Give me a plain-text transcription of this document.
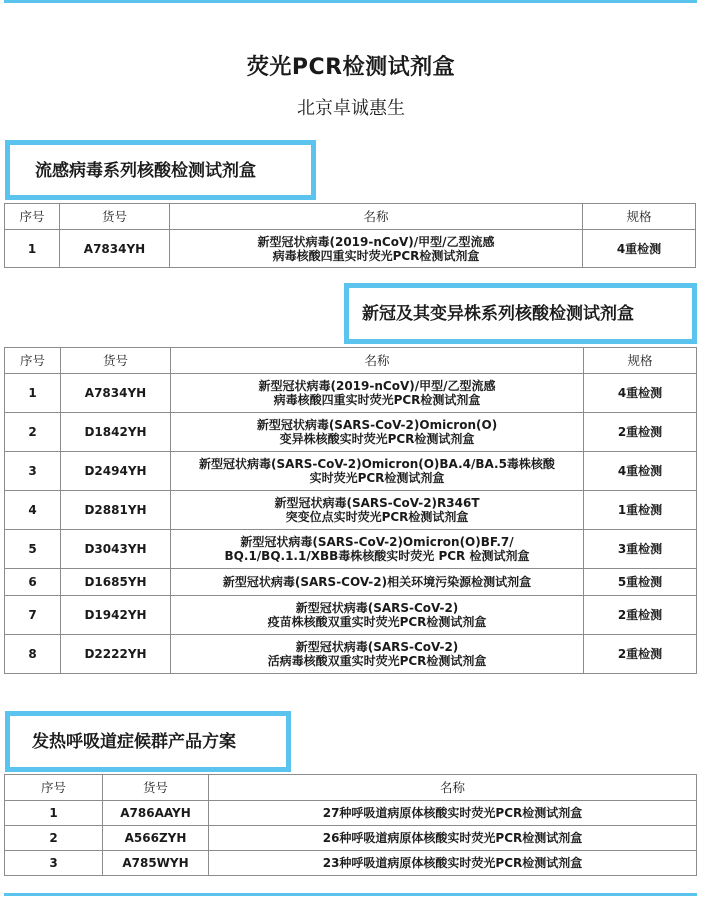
荧光PCR检测试剂盒
北京卓诚惠生
流感病毒系列核酸检测试剂盒
序号	货号	名称	规格
1	A7834YH	新型冠状病毒(2019-nCoV)/甲型/乙型流感
病毒核酸四重实时荧光PCR检测试剂盒	4重检测
新冠及其变异株系列核酸检测试剂盒
序号	货号	名称	规格
1	A7834YH	新型冠状病毒(2019-nCoV)/甲型/乙型流感
病毒核酸四重实时荧光PCR检测试剂盒	4重检测
2	D1842YH	新型冠状病毒(SARS-CoV-2)Omicron(O)
变异株核酸实时荧光PCR检测试剂盒	2重检测
3	D2494YH	新型冠状病毒(SARS-CoV-2)Omicron(O)BA.4/BA.5毒株核酸
实时荧光PCR检测试剂盒	4重检测
4	D2881YH	新型冠状病毒(SARS-CoV-2)R346T
突变位点实时荧光PCR检测试剂盒	1重检测
5	D3043YH	新型冠状病毒(SARS-CoV-2)Omicron(O)BF.7/
BQ.1/BQ.1.1/XBB毒株核酸实时荧光 PCR 检测试剂盒	3重检测
6	D1685YH	新型冠状病毒(SARS-COV-2)相关环境污染源检测试剂盒	5重检测
7	D1942YH	新型冠状病毒(SARS-CoV-2)
疫苗株核酸双重实时荧光PCR检测试剂盒	2重检测
8	D2222YH	新型冠状病毒(SARS-CoV-2)
活病毒核酸双重实时荧光PCR检测试剂盒	2重检测
发热呼吸道症候群产品方案
序号	货号	名称
1	A786AAYH	27种呼吸道病原体核酸实时荧光PCR检测试剂盒
2	A566ZYH	26种呼吸道病原体核酸实时荧光PCR检测试剂盒
3	A785WYH	23种呼吸道病原体核酸实时荧光PCR检测试剂盒
